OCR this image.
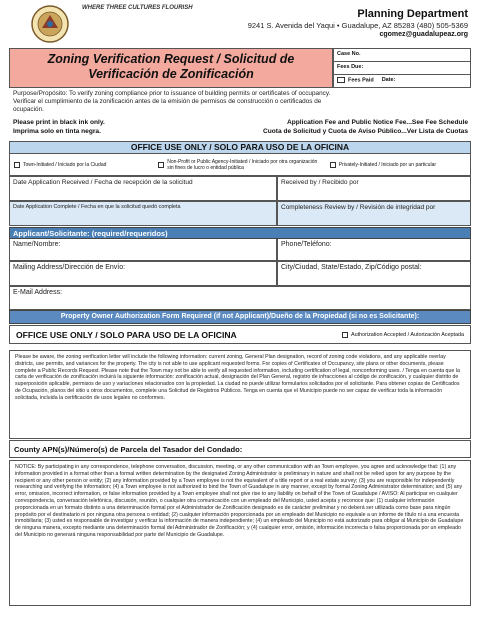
WHERE THREE CULTURES FLOURISH	Planning Department
9241 S. Avenida del Yaqui • Guadalupe, AZ 85283 (480) 505-5369
cgomez@guadalupeaz.org
Zoning Verification Request / Solicitud de
Verificación de Zonificación
Case No.
Fees Due:
Fees Paid Date:
Purpose/Propósito: To verify zoning compliance prior to issuance of building permits or certificates of occupancy.
Verificar el cumplimiento de la zonificación antes de la emisión de permisos de construcción o certificados de
ocupación.
Please print in black ink only.
Imprima solo en tinta negra.
Application Fee and Public Notice Fee...See Fee Schedule
Cuota de Solicitud y Cuota de Aviso Público...Ver Lista de Cuotas
OFFICE USE ONLY / SOLO PARA USO DE LA OFICINA
Town-Initiated / Iniciado por la Ciudad	Non-Profit or Public Agency-Initiated / Iniciado por otra organización sin fines de lucro o entidad pública	Privately-Initiated / Iniciado por un particular
Date Application Received / Fecha de recepción de la solicitud	Received by / Recibido por
Date Application Complete / Fecha en que la solicitud quedó completa	Completeness Review by / Revisión de integridad por
Applicant/Solicitante: (required/requeridos)
Name/Nombre:	Phone/Teléfono:
Mailing Address/Dirección de Envío:	City/Ciudad, State/Estado, Zip/Código postal:
E-Mail Address:
Property Owner Authorization Form Required (if not Applicant)/Dueño de la Propiedad (si no es Solicitante):
OFFICE USE ONLY / SOLO PARA USO DE LA OFICINA	Authorization Accepted / Autorización Aceptada
Please be aware, the zoning verification letter will include the following information: current zoning, General Plan designation, record of zoning code violations, and any applicable overlay districts, use permits, and variances for the property. The city is not able to use applicant requested forms. For copies of Certificates of Occupancy, site plans or other documents, please complete a Public Records Request. Please note that the Town may not be able to verify all requested information, including certification of legal, nonconforming uses. / Tenga en cuenta que la carta de verificación de zonificación incluirá la siguiente información: zonificación actual, designación del Plan General, registro de infracciones al código de zonificación, y cualquier distrito de superposición aplicable, permisos de uso y variaciones relacionados con la propiedad. La ciudad no puede utilizar formularios solicitados por el solicitante. Para obtener copias de Certificados de Ocupación, planos del sitio u otros documentos, complete una Solicitud de Registros Públicos. Tenga en cuenta que el Municipio puede no ser capaz de verificar toda la información solicitada, incluida la certificación de usos legales no conformes.
County APN(s)/Número(s) de Parcela del Tasador del Condado:
NOTICE: By participating in any correspondence, telephone conversation, discussion, meeting, or any other communication with an Town employee, you agree and acknowledge that: (1) any information provided in a format other than a formal written determination by the designated Zoning Administrator is preliminary in nature and shall not be relied upon for any purpose by the recipient or any other person or entity; (2) any information provided by a Town employee is not the equivalent of a title report or a real estate survey; (3) you are responsible for independently researching and verifying the information; (4) a Town employee is not authorized to bind the Town of Guadalupe in any manner, except by formal Zoning Administrator determination; and (5) any error, omission, incorrect information, or false information provided by a Town employee shall not give rise to any liability on behalf of the Town of Guadalupe / AVISO: Al participar en cualquier correspondencia, conversación telefónica, discusión, reunión, o cualquier otra comunicación con un empleado del Municipio, usted acepta y reconoce que: (1) cualquier información proporcionada en un formato distinto a una determinación formal por el Administrador de Zonificación designado es de carácter preliminar y no deberá ser utilizada como base para ningún propósito por el destinatario ni por ninguna otra persona o entidad; (2) cualquier información proporcionada por un empleado del Municipio no equivale a un informe de título ni a una encuesta inmobiliaria; (3) usted es responsable de investigar y verificar la información de manera independiente; (4) un empleado del Municipio no está autorizado para obligar al Municipio de Guadalupe de ninguna manera, excepto mediante una determinación formal del Administrador de Zonificación; y (4) cualquier error, omisión, información incorrecta o falsa proporcionada por un empleado del Municipio no generará ninguna responsabilidad por parte del Municipio de Guadalupe.
